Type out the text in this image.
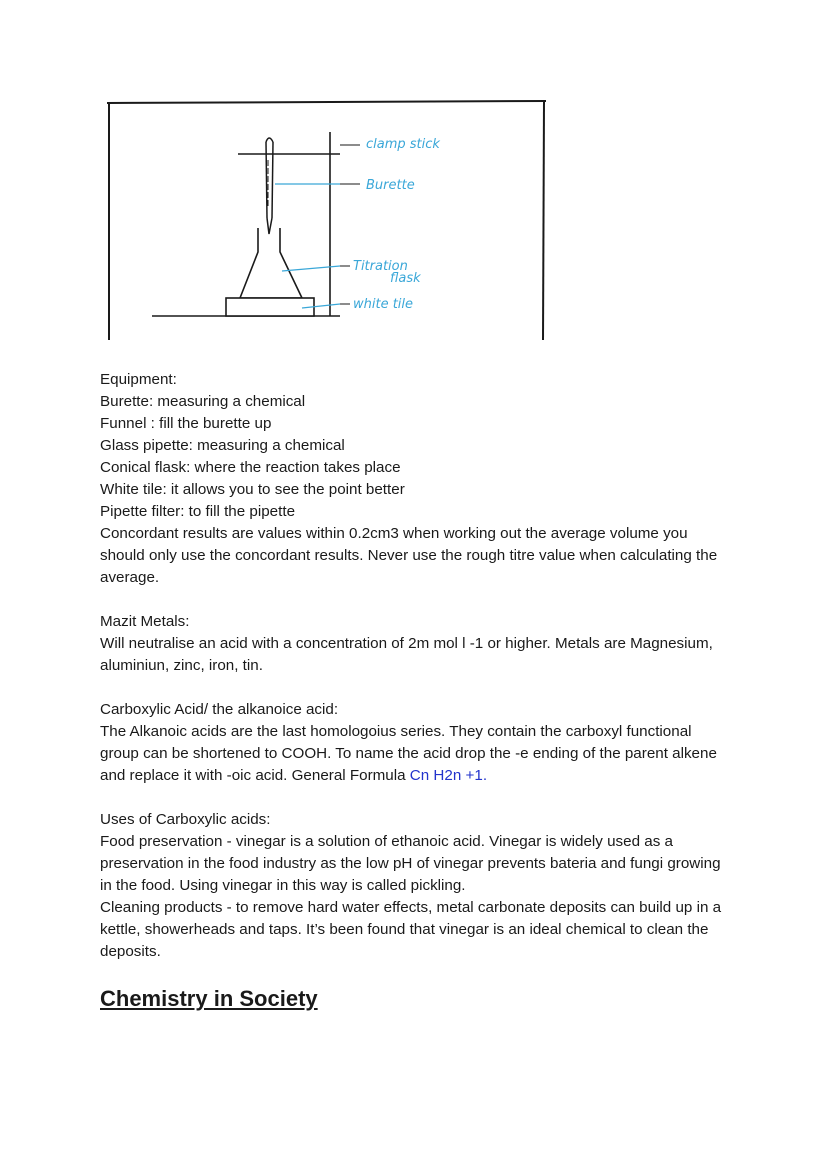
clamp stick
Burette
Titration
flask
white tile

Equipment:

Burette: measuring a chemical

Funnel : fill the burette up

Glass pipette: measuring a chemical

Conical flask: where the reaction takes place

White tile: it allows you to see the point better

Pipette filter: to fill the pipette

Concordant results are values within 0.2cm3 when working out the average volume you should only use the concordant results. Never use the rough titre value when calculating the average.

Mazit Metals:

Will neutralise an acid with a concentration of 2m mol l -1 or higher. Metals are Magnesium, aluminiun, zinc, iron, tin.

Carboxylic Acid/ the alkanoice acid:

The Alkanoic acids are the last homologoius series. They contain the carboxyl functional group can be shortened to COOH. To name the acid drop the -e ending of the parent alkene and replace it with -oic acid. General Formula Cn H2n +1.

Uses of Carboxylic acids:

Food preservation - vinegar is a solution of ethanoic acid. Vinegar is widely used as a preservation in the food industry as the low pH of vinegar prevents bateria and fungi growing in the food. Using vinegar in this way is called pickling.

Cleaning products - to remove hard water effects, metal carbonate deposits can build up in a kettle, showerheads and taps. It’s been found that vinegar is an ideal chemical to clean the deposits.

Chemistry in Society
